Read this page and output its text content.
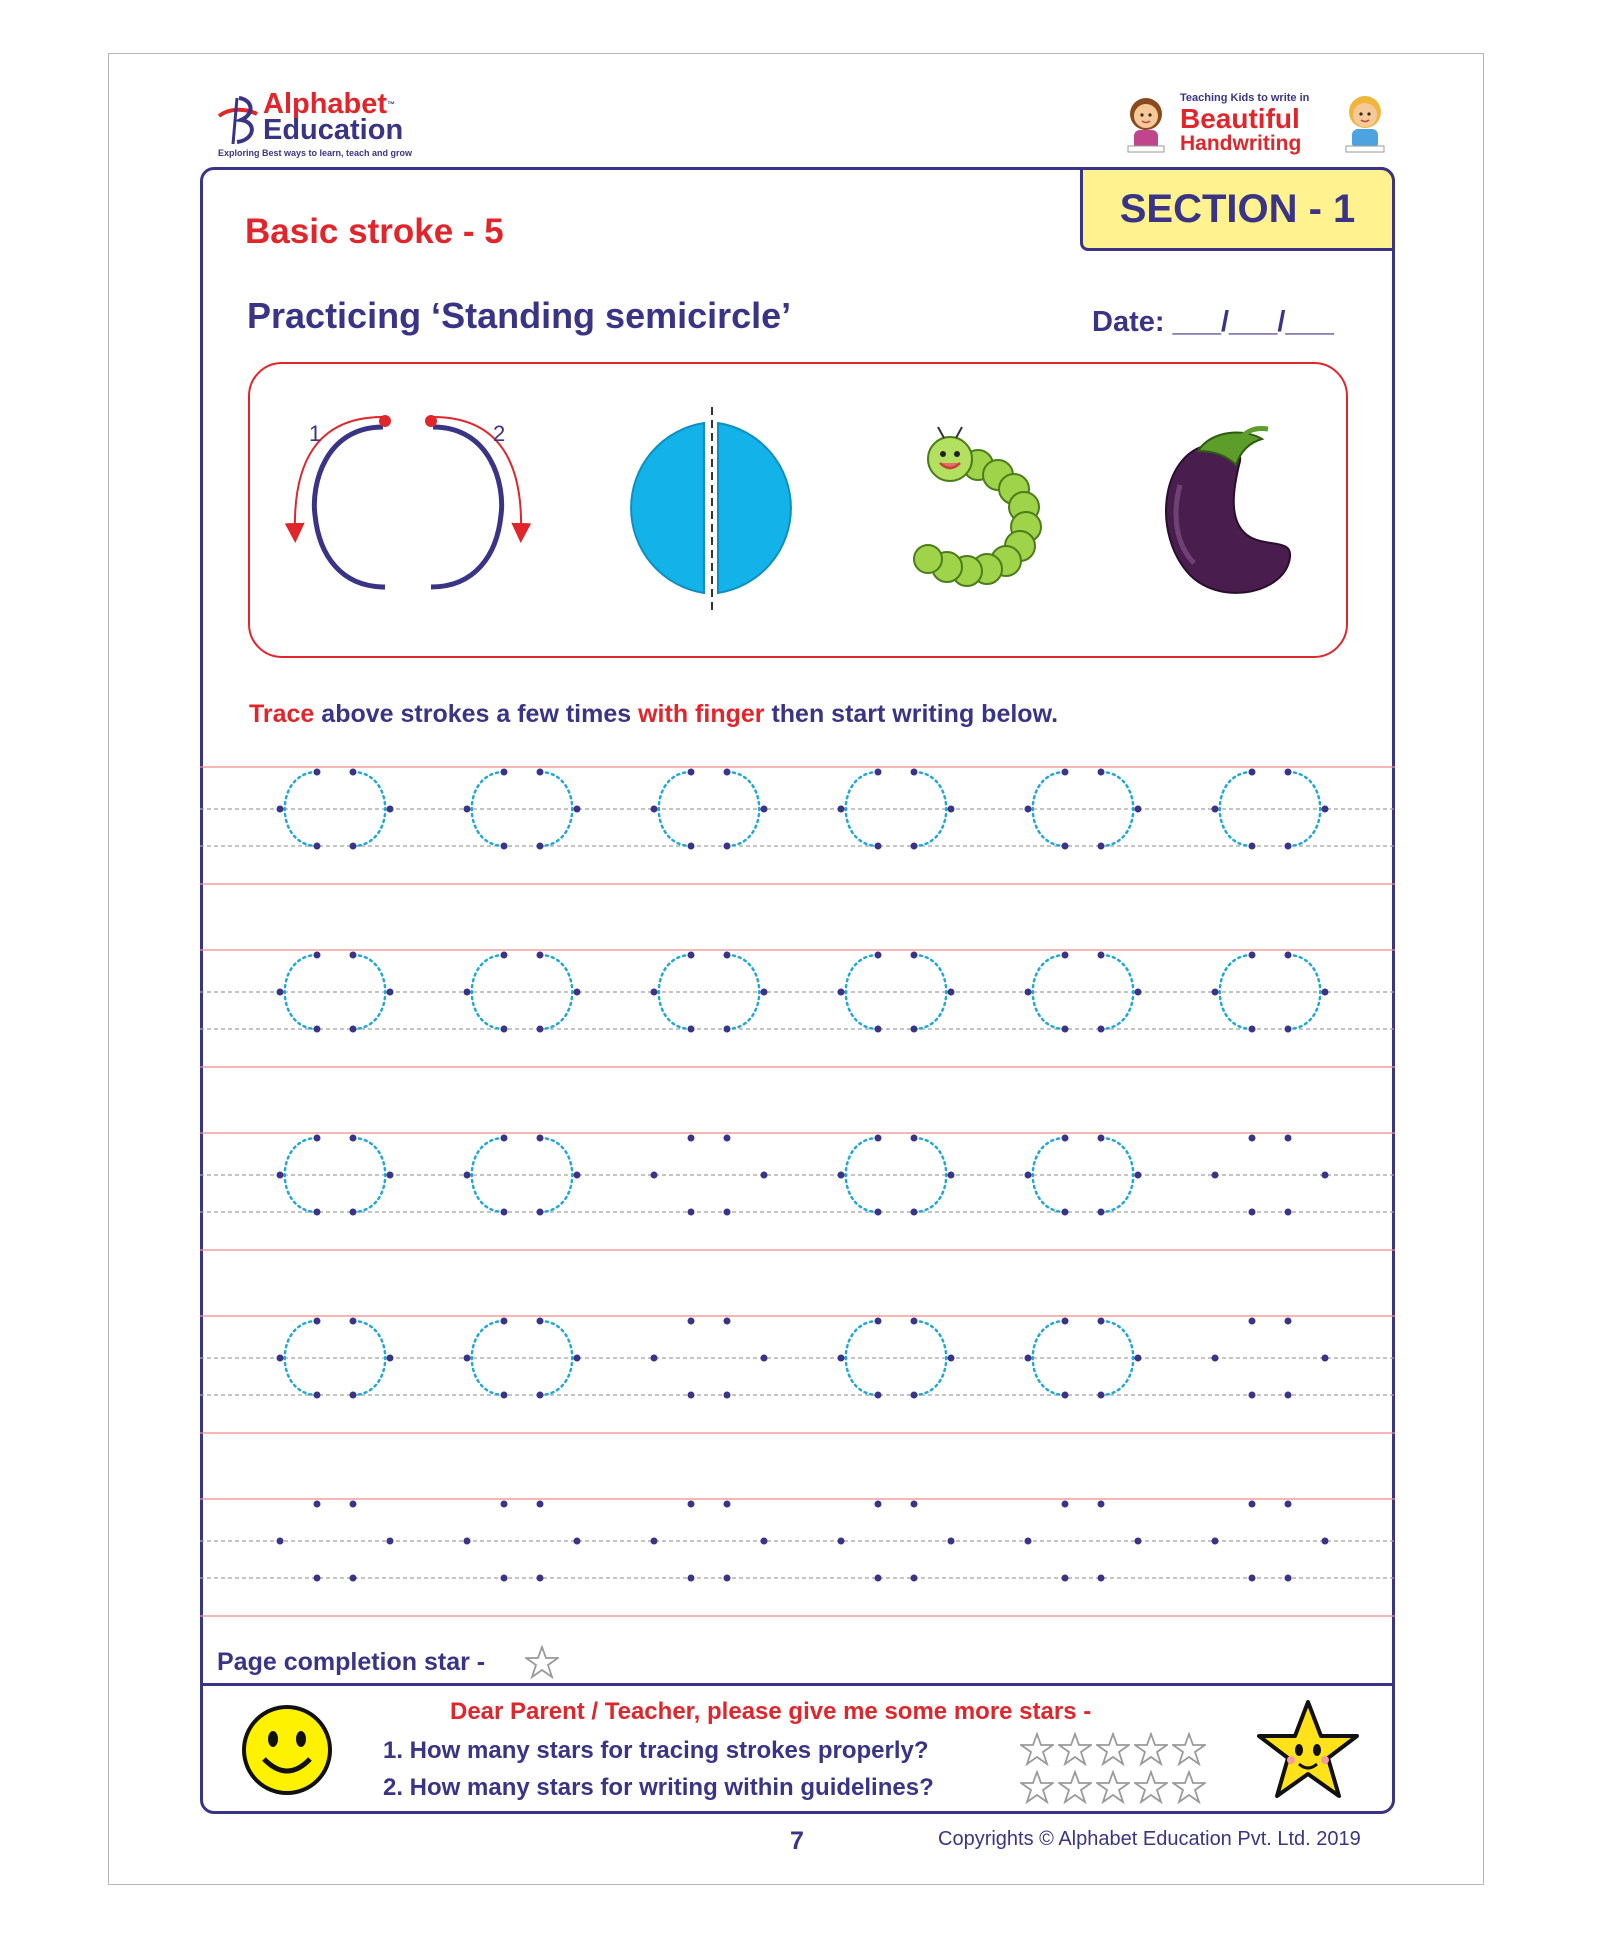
Alphabet™
Education
Exploring Best ways to learn, teach and grow
Teaching Kids to write in
Beautiful
Handwriting
SECTION - 1
Basic stroke - 5
Practicing ‘Standing semicircle’	Date: ___/___/___
1	2
Trace above strokes a few times with finger then start writing below.
Page completion star -
Dear Parent / Teacher, please give me some more stars -
1. How many stars for tracing strokes properly?
2. How many stars for writing within guidelines?
7	Copyrights © Alphabet Education Pvt. Ltd. 2019
